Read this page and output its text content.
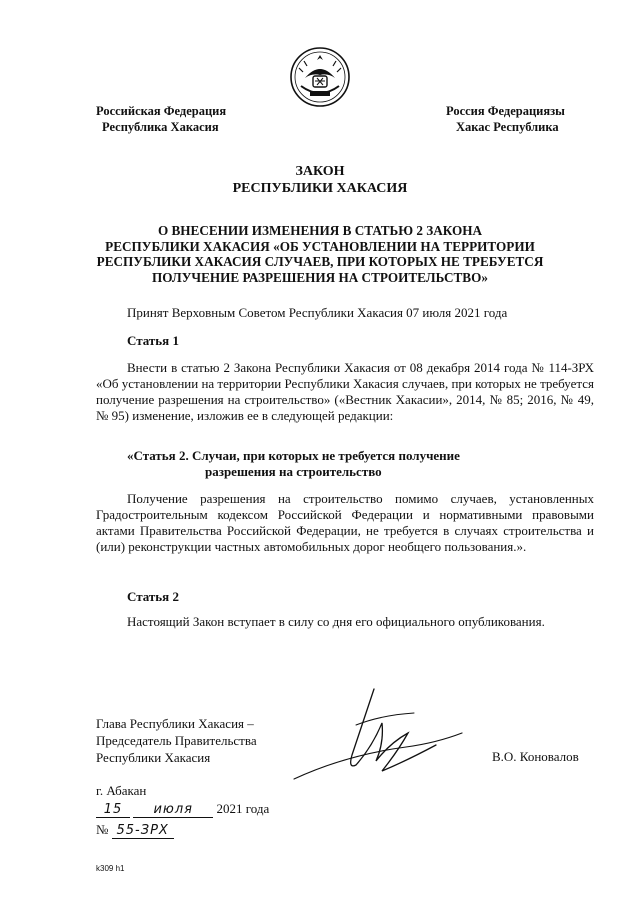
Российская Федерация
Республика Хакасия
Россия Федерациязы
Хакас Республика
ЗАКОН
РЕСПУБЛИКИ ХАКАСИЯ
О ВНЕСЕНИИ ИЗМЕНЕНИЯ В СТАТЬЮ 2 ЗАКОНА
РЕСПУБЛИКИ ХАКАСИЯ «ОБ УСТАНОВЛЕНИИ НА ТЕРРИТОРИИ
РЕСПУБЛИКИ ХАКАСИЯ СЛУЧАЕВ, ПРИ КОТОРЫХ НЕ ТРЕБУЕТСЯ
ПОЛУЧЕНИЕ РАЗРЕШЕНИЯ НА СТРОИТЕЛЬСТВО»
Принят Верховным Советом Республики Хакасия 07 июля 2021 года
Статья 1

Внести в статью 2 Закона Республики Хакасия от 08 декабря 2014 года № 114-ЗРХ «Об установлении на территории Республики Хакасия случаев, при которых не требуется получение разрешения на строительство» («Вестник Хакасии», 2014, № 85; 2016, № 49, № 95) изменение, изложив ее в следующей редакции:

«Статья 2. Случаи, при которых не требуется получение
разрешения на строительство

Получение разрешения на строительство помимо случаев, установленных Градостроительным кодексом Российской Федерации и нормативными правовыми актами Правительства Российской Федерации, не требуется в случаях строительства и (или) реконструкции частных автомобильных дорог необщего пользования.».

Статья 2

Настоящий Закон вступает в силу со дня его официального опубликования.

Глава Республики Хакасия –
Председатель Правительства
Республики Хакасия	В.О. Коновалов
г. Абакан
15 июля 2021 года
№ 55-ЗРХ
k309 h1
